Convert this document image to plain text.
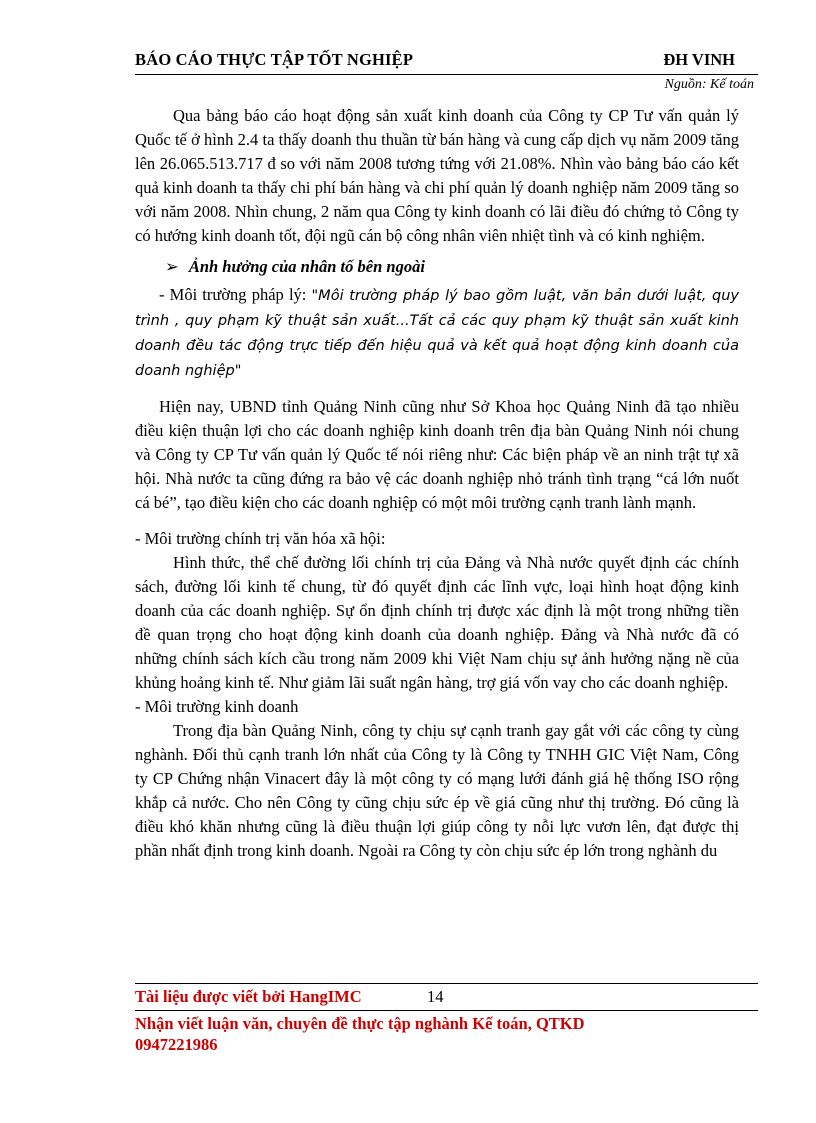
BÁO CÁO THỰC TẬP TỐT NGHIỆP	ĐH VINH
Nguồn: Kế toán

Qua bảng báo cáo hoạt động sản xuất kinh doanh của Công ty CP Tư vấn quản lý Quốc tế ở hình 2.4 ta thấy doanh thu thuần từ bán hàng và cung cấp dịch vụ năm 2009 tăng lên 26.065.513.717 đ so với năm 2008 tương tứng với 21.08%. Nhìn vào bảng báo cáo kết quả kinh doanh ta thấy chi phí bán hàng và chi phí quản lý doanh nghiệp năm 2009 tăng so với năm 2008. Nhìn chung, 2 năm qua Công ty kinh doanh có lãi điều đó chứng tỏ Công ty có hướng kinh doanh tốt, đội ngũ cán bộ công nhân viên nhiệt tình và có kinh nghiệm.

➢ Ảnh hưởng của nhân tố bên ngoài

- Môi trường pháp lý: "Môi trường pháp lý bao gồm luật, văn bản dưới luật, quy trình , quy phạm kỹ thuật sản xuất...Tất cả các quy phạm kỹ thuật sản xuất kinh doanh đều tác động trực tiếp đến hiệu quả và kết quả hoạt động kinh doanh của doanh nghiệp"

Hiện nay, UBND tỉnh Quảng Ninh cũng như Sở Khoa học Quảng Ninh đã tạo nhiều điều kiện thuận lợi cho các doanh nghiệp kinh doanh trên địa bàn Quảng Ninh nói chung và Công ty CP Tư vấn quản lý Quốc tế nói riêng như: Các biện pháp về an ninh trật tự xã hội. Nhà nước ta cũng đứng ra bảo vệ các doanh nghiệp nhỏ tránh tình trạng “cá lớn nuốt cá bé”, tạo điều kiện cho các doanh nghiệp có một môi trường cạnh tranh lành mạnh.

- Môi trường chính trị văn hóa xã hội:

Hình thức, thể chế đường lối chính trị của Đảng và Nhà nước quyết định các chính sách, đường lối kinh tế chung, từ đó quyết định các lĩnh vực, loại hình hoạt động kinh doanh của các doanh nghiệp. Sự ổn định chính trị được xác định là một trong những tiền đề quan trọng cho hoạt động kinh doanh của doanh nghiệp. Đảng và Nhà nước đã có những chính sách kích cầu trong năm 2009 khi Việt Nam chịu sự ảnh hưởng nặng nề của khủng hoảng kinh tế. Như giảm lãi suất ngân hàng, trợ giá vốn vay cho các doanh nghiệp.

- Môi trường kinh doanh

Trong địa bàn Quảng Ninh, công ty chịu sự cạnh tranh gay gắt với các công ty cùng nghành. Đối thủ cạnh tranh lớn nhất của Công ty là Công ty TNHH GIC Việt Nam, Công ty CP Chứng nhận Vinacert đây là một công ty có mạng lưới đánh giá hệ thống ISO rộng khắp cả nước. Cho nên Công ty cũng chịu sức ép về giá cũng như thị trường. Đó cũng là điều khó khăn nhưng cũng là điều thuận lợi giúp công ty nỗi lực vươn lên, đạt được thị phần nhất định trong kinh doanh. Ngoài ra Công ty còn chịu sức ép lớn trong nghành du

Tài liệu được viết bởi HangIMC	14
Nhận viết luận văn, chuyên đề thực tập nghành Kế toán, QTKD
0947221986
